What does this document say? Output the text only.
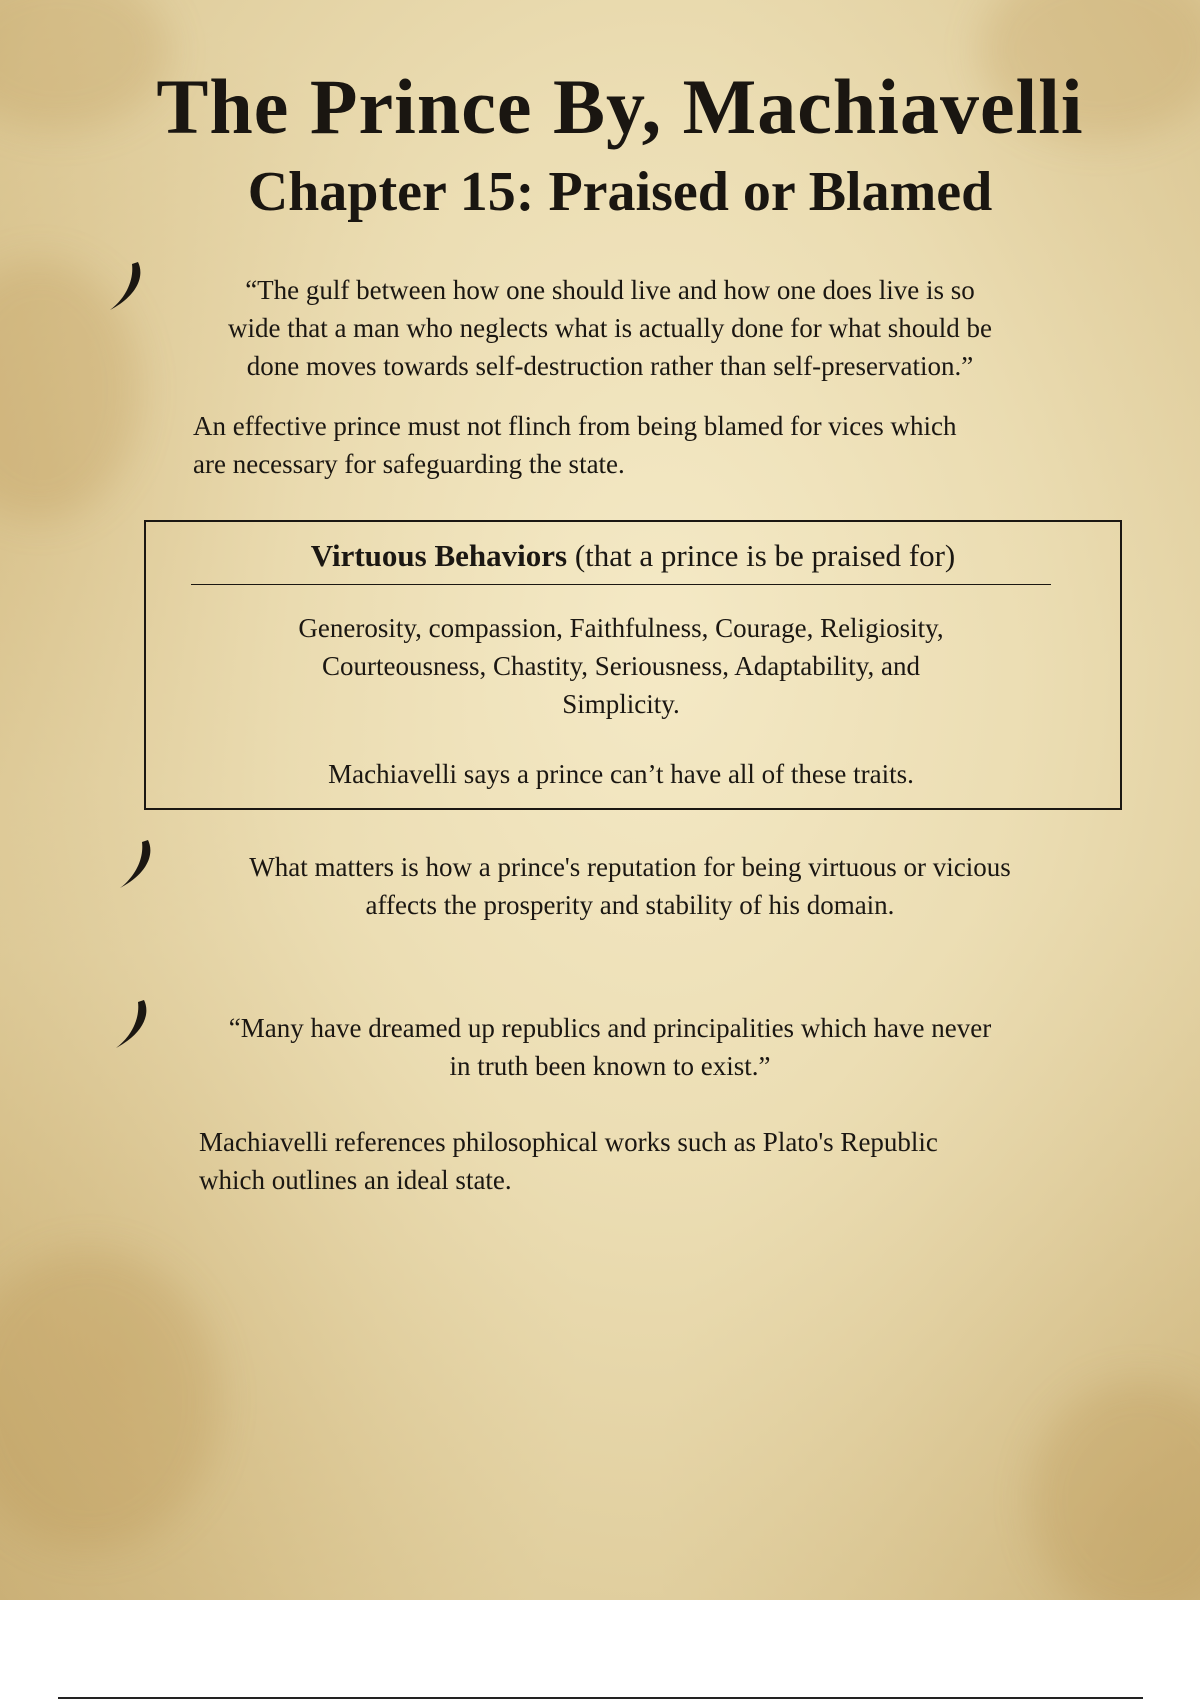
The Prince By, Machiavelli
Chapter 15: Praised or Blamed
“The gulf between how one should live and how one does live is so
wide that a man who neglects what is actually done for what should be
done moves towards self-destruction rather than self-preservation.”
An effective prince must not flinch from being blamed for vices which
are necessary for safeguarding the state.
Virtuous Behaviors (that a prince is be praised for)
Generosity, compassion, Faithfulness, Courage, Religiosity,
Courteousness, Chastity, Seriousness, Adaptability, and
Simplicity.
Machiavelli says a prince can’t have all of these traits.
What matters is how a prince's reputation for being virtuous or vicious
affects the prosperity and stability of his domain.
“Many have dreamed up republics and principalities which have never
in truth been known to exist.”
Machiavelli references philosophical works such as Plato's Republic
which outlines an ideal state.
